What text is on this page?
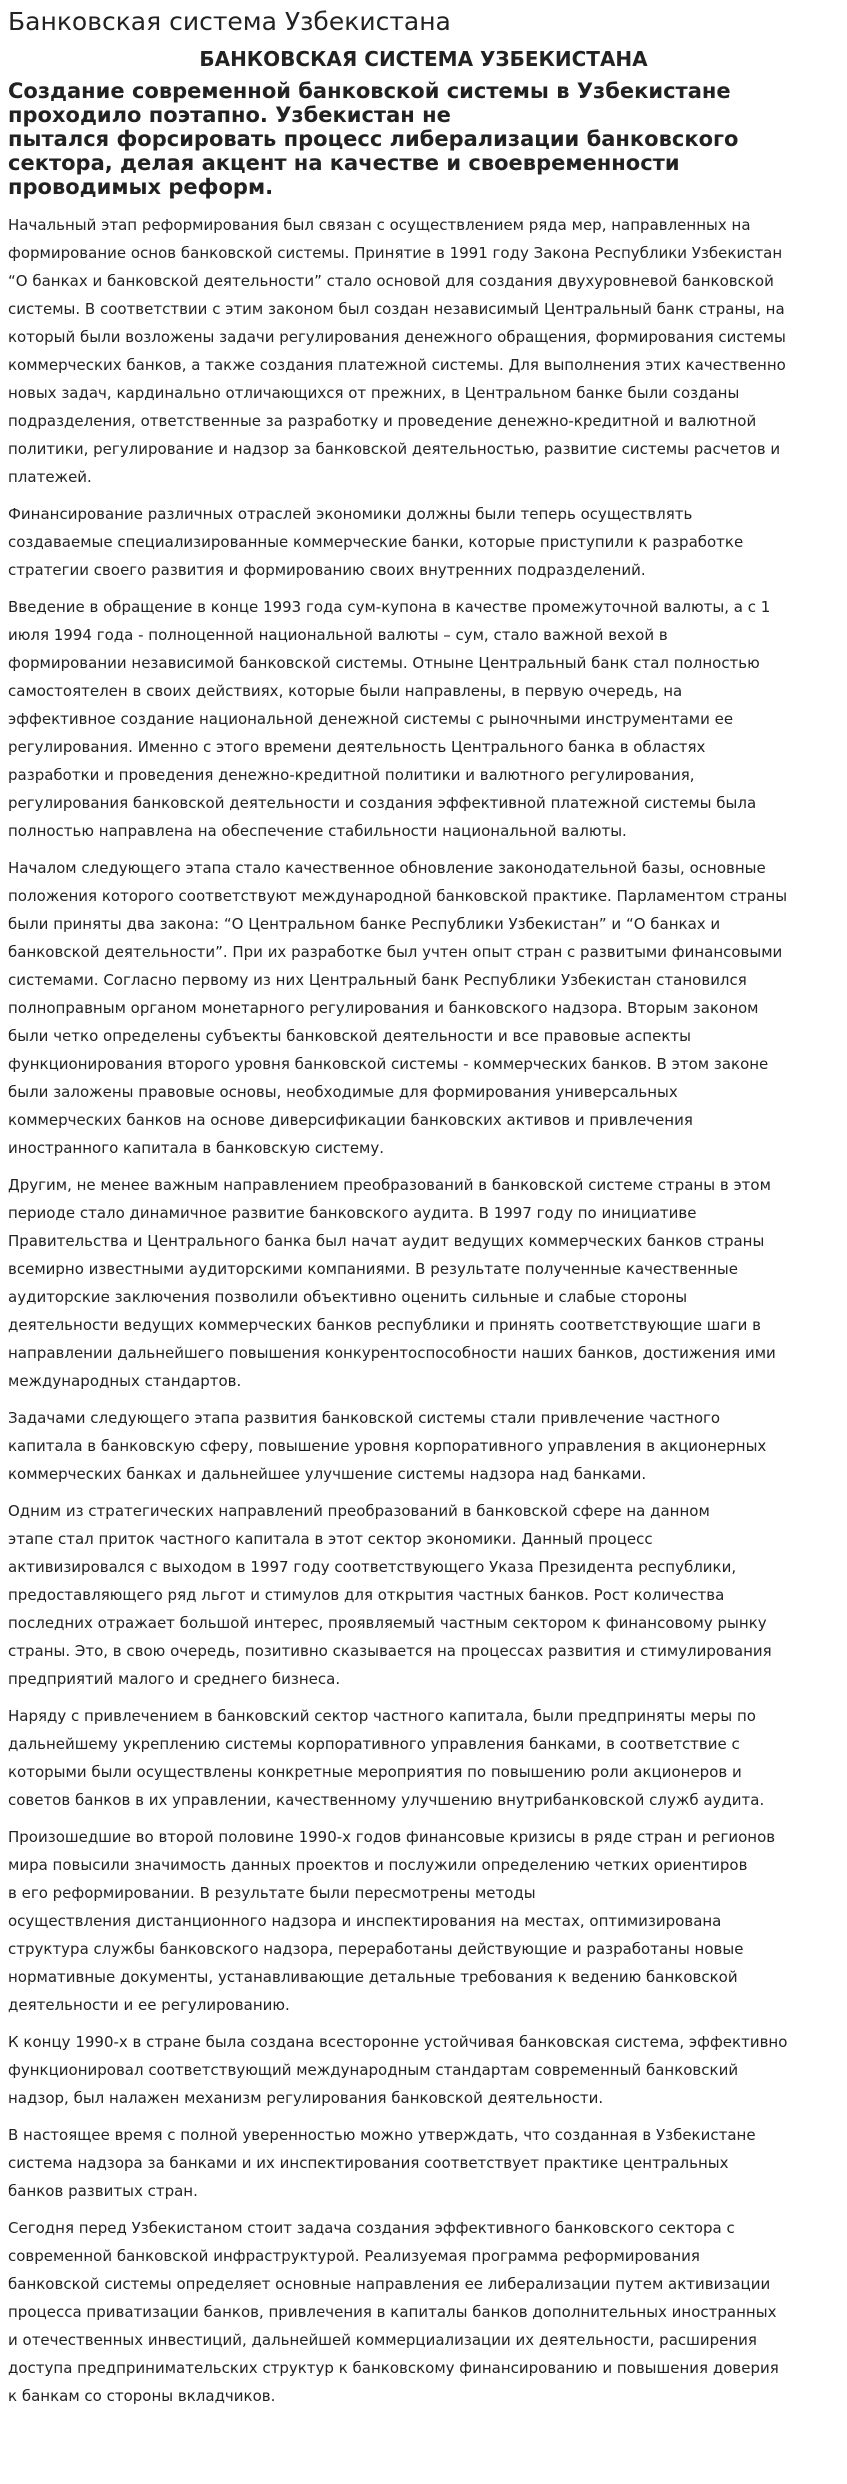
Банковская система Узбекистана
БАНКОВСКАЯ СИСТЕМА УЗБЕКИСТАНА

Создание современной банковской системы в Узбекистане
проходило поэтапно. Узбекистан не
пытался форсировать процесс либерализации банковского
сектора, делая акцент на качестве и своевременности
проводимых реформ.

Начальный этап реформирования был связан с осуществлением ряда мер, направленных на
формирование основ банковской системы. Принятие в 1991 году Закона Республики Узбекистан
“О банках и банковской деятельности” стало основой для создания двухуровневой банковской
системы. В соответствии с этим законом был создан независимый Центральный банк страны, на
который были возложены задачи регулирования денежного обращения, формирования системы
коммерческих банков, а также создания платежной системы. Для выполнения этих качественно
новых задач, кардинально отличающихся от прежних, в Центральном банке были созданы
подразделения, ответственные за разработку и проведение денежно-кредитной и валютной
политики, регулирование и надзор за банковской деятельностью, развитие системы расчетов и
платежей.

Финансирование различных отраслей экономики должны были теперь осуществлять
создаваемые специализированные коммерческие банки, которые приступили к разработке
стратегии своего развития и формированию своих внутренних подразделений.

Введение в обращение в конце 1993 года сум-купона в качестве промежуточной валюты, а с 1
июля 1994 года - полноценной национальной валюты – сум, стало важной вехой в
формировании независимой банковской системы. Отныне Центральный банк стал полностью
самостоятелен в своих действиях, которые были направлены, в первую очередь, на
эффективное создание национальной денежной системы с рыночными инструментами ее
регулирования. Именно с этого времени деятельность Центрального банка в областях
разработки и проведения денежно-кредитной политики и валютного регулирования,
регулирования банковской деятельности и создания эффективной платежной системы была
полностью направлена на обеспечение стабильности национальной валюты.

Началом следующего этапа стало качественное обновление законодательной базы, основные
положения которого соответствуют международной банковской практике. Парламентом страны
были приняты два закона: “О Центральном банке Республики Узбекистан” и “О банках и
банковской деятельности”. При их разработке был учтен опыт стран с развитыми финансовыми
системами. Согласно первому из них Центральный банк Республики Узбекистан становился
полноправным органом монетарного регулирования и банковского надзора. Вторым законом
были четко определены субъекты банковской деятельности и все правовые аспекты
функционирования второго уровня банковской системы - коммерческих банков. В этом законе
были заложены правовые основы, необходимые для формирования универсальных
коммерческих банков на основе диверсификации банковских активов и привлечения
иностранного капитала в банковскую систему.

Другим, не менее важным направлением преобразований в банковской системе страны в этом
периоде стало динамичное развитие банковского аудита. В 1997 году по инициативе
Правительства и Центрального банка был начат аудит ведущих коммерческих банков страны
всемирно известными аудиторскими компаниями. В результате полученные качественные
аудиторские заключения позволили объективно оценить сильные и слабые стороны
деятельности ведущих коммерческих банков республики и принять соответствующие шаги в
направлении дальнейшего повышения конкурентоспособности наших банков, достижения ими
международных стандартов.

Задачами следующего этапа развития банковской системы стали привлечение частного
капитала в банковскую сферу, повышение уровня корпоративного управления в акционерных
коммерческих банках и дальнейшее улучшение системы надзора над банками.

Одним из стратегических направлений преобразований в банковской сфере на данном
этапе стал приток частного капитала в этот сектор экономики. Данный процесс
активизировался с выходом в 1997 году соответствующего Указа Президента республики,
предоставляющего ряд льгот и стимулов для открытия частных банков. Рост количества
последних отражает большой интерес, проявляемый частным сектором к финансовому рынку
страны. Это, в свою очередь, позитивно сказывается на процессах развития и стимулирования
предприятий малого и среднего бизнеса.

Наряду с привлечением в банковский сектор частного капитала, были предприняты меры по
дальнейшему укреплению системы корпоративного управления банками, в соответствие с
которыми были осуществлены конкретные мероприятия по повышению роли акционеров и
советов банков в их управлении, качественному улучшению внутрибанковской служб аудита.

Произошедшие во второй половине 1990-х годов финансовые кризисы в ряде стран и регионов
мира повысили значимость данных проектов и послужили определению четких ориентиров
в его реформировании. В результате были пересмотрены методы
осуществления дистанционного надзора и инспектирования на местах, оптимизирована
структура службы банковского надзора, переработаны действующие и разработаны новые
нормативные документы, устанавливающие детальные требования к ведению банковской
деятельности и ее регулированию.

К концу 1990-х в стране была создана всесторонне устойчивая банковская система, эффективно
функционировал соответствующий международным стандартам современный банковский
надзор, был налажен механизм регулирования банковской деятельности.

В настоящее время с полной уверенностью можно утверждать, что созданная в Узбекистане
система надзора за банками и их инспектирования соответствует практике центральных
банков развитых стран.

Сегодня перед Узбекистаном стоит задача создания эффективного банковского сектора с
современной банковской инфраструктурой. Реализуемая программа реформирования
банковской системы определяет основные направления ее либерализации путем активизации
процесса приватизации банков, привлечения в капиталы банков дополнительных иностранных
и отечественных инвестиций, дальнейшей коммерциализации их деятельности, расширения
доступа предпринимательских структур к банковскому финансированию и повышения доверия
к банкам со стороны вкладчиков.
